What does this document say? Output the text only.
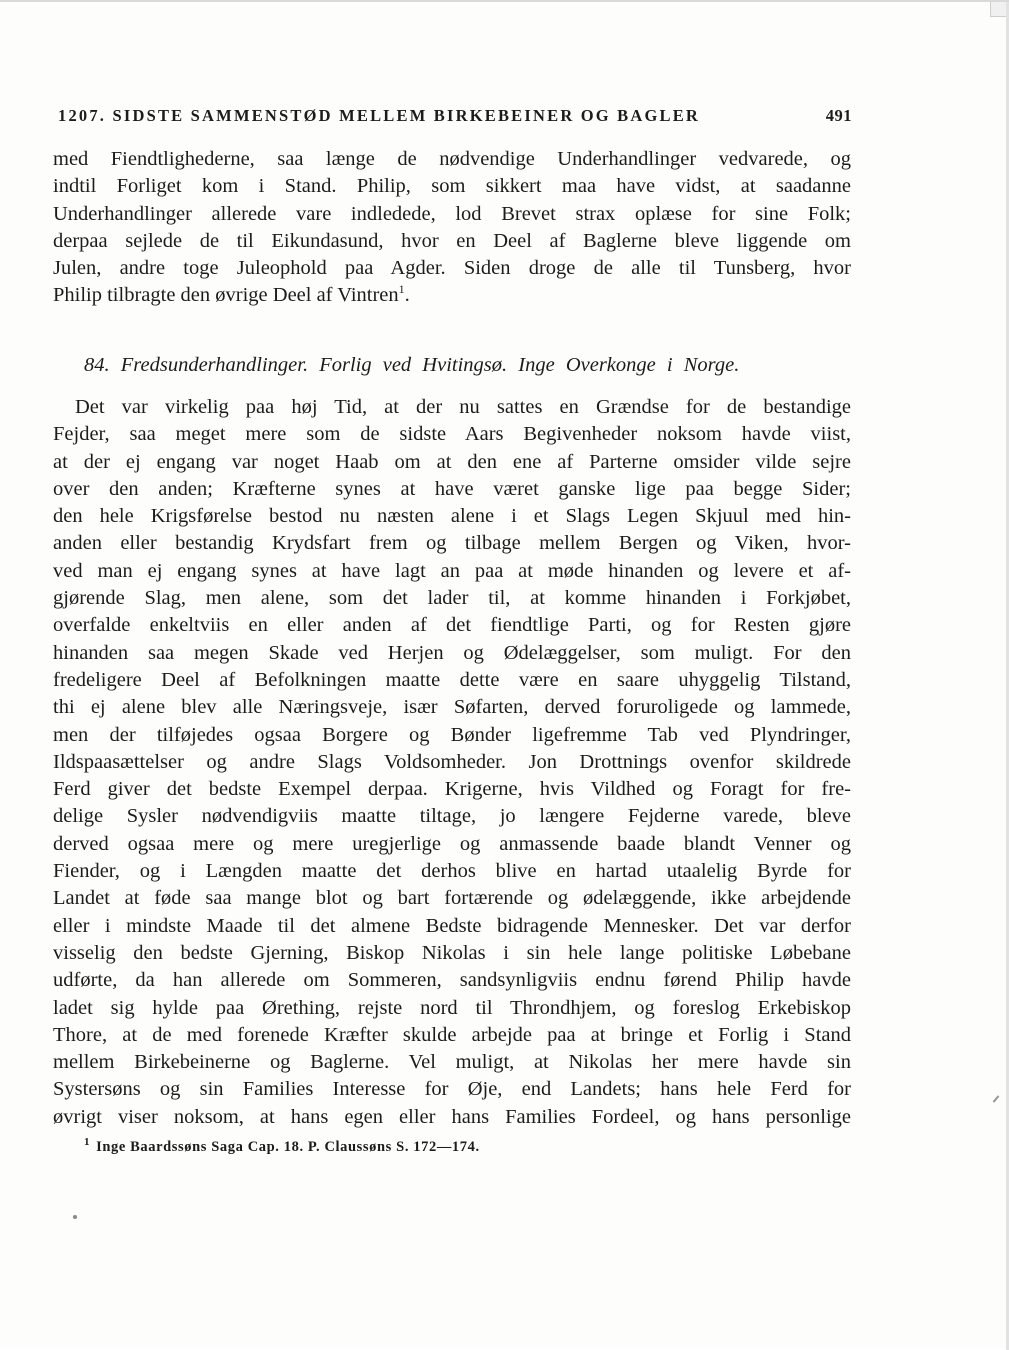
1207. SIDSTE SAMMENSTØD MELLEM BIRKEBEINER OG BAGLER	491
med Fiendtlighederne, saa længe de nødvendige Underhandlinger vedvarede, og
indtil Forliget kom i Stand. Philip, som sikkert maa have vidst, at saadanne
Underhandlinger allerede vare indledede, lod Brevet strax oplæse for sine Folk;
derpaa sejlede de til Eikundasund, hvor en Deel af Baglerne bleve liggende om
Julen, andre toge Juleophold paa Agder. Siden droge de alle til Tunsberg, hvor
Philip tilbragte den øvrige Deel af Vintren$^1$.
84. Fredsunderhandlinger. Forlig ved Hvitingsø. Inge Overkonge i Norge.
Det var virkelig paa høj Tid, at der nu sattes en Grændse for de bestandige
Fejder, saa meget mere som de sidste Aars Begivenheder noksom havde viist,
at der ej engang var noget Haab om at den ene af Parterne omsider vilde sejre
over den anden; Kræfterne synes at have været ganske lige paa begge Sider;
den hele Krigsførelse bestod nu næsten alene i et Slags Legen Skjuul med hin-
anden eller bestandig Krydsfart frem og tilbage mellem Bergen og Viken, hvor-
ved man ej engang synes at have lagt an paa at møde hinanden og levere et af-
gjørende Slag, men alene, som det lader til, at komme hinanden i Forkjøbet,
overfalde enkeltviis en eller anden af det fiendtlige Parti, og for Resten gjøre
hinanden saa megen Skade ved Herjen og Ødelæggelser, som muligt. For den
fredeligere Deel af Befolkningen maatte dette være en saare uhyggelig Tilstand,
thi ej alene blev alle Næringsveje, især Søfarten, derved foruroligede og lammede,
men der tilføjedes ogsaa Borgere og Bønder ligefremme Tab ved Plyndringer,
Ildspaasættelser og andre Slags Voldsomheder. Jon Drottnings ovenfor skildrede
Ferd giver det bedste Exempel derpaa. Krigerne, hvis Vildhed og Foragt for fre-
delige Sysler nødvendigviis maatte tiltage, jo længere Fejderne varede, bleve
derved ogsaa mere og mere uregjerlige og anmassende baade blandt Venner og
Fiender, og i Længden maatte det derhos blive en hartad utaalelig Byrde for
Landet at føde saa mange blot og bart fortærende og ødelæggende, ikke arbejdende
eller i mindste Maade til det almene Bedste bidragende Mennesker. Det var derfor
visselig den bedste Gjerning, Biskop Nikolas i sin hele lange politiske Løbebane
udførte, da han allerede om Sommeren, sandsynligviis endnu førend Philip havde
ladet sig hylde paa Ørething, rejste nord til Throndhjem, og foreslog Erkebiskop
Thore, at de med forenede Kræfter skulde arbejde paa at bringe et Forlig i Stand
mellem Birkebeinerne og Baglerne. Vel muligt, at Nikolas her mere havde sin
Systersøns og sin Families Interesse for Øje, end Landets; hans hele Ferd for
øvrigt viser noksom, at hans egen eller hans Families Fordeel, og hans personlige
$^1$ Inge Baardssøns Saga Cap. 18. P. Claussøns S. 172—174.
